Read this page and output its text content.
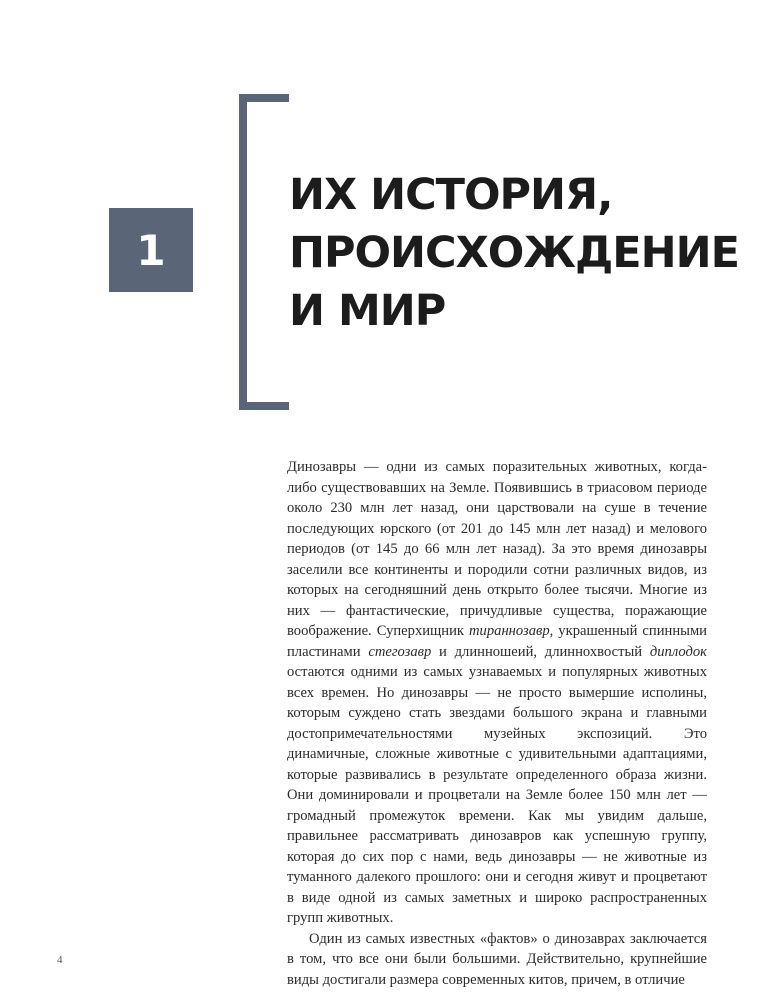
1
ИХ ИСТОРИЯ,
ПРОИСХОЖДЕНИЕ
И МИР

Динозавры — одни из самых поразительных животных, когда-либо существовавших на Земле. Появившись в триасовом периоде около 230 млн лет назад, они царствовали на суше в течение последующих юрского (от 201 до 145 млн лет назад) и мелового периодов (от 145 до 66 млн лет назад). За это время динозавры заселили все континенты и породили сотни различных видов, из которых на сегодняшний день открыто более тысячи. Многие из них — фантастические, причудливые существа, поражающие воображение. Суперхищник тираннозавр, украшенный спинными пластинами стегозавр и длинношеий, длиннохвостый диплодок остаются одними из самых узнаваемых и популярных животных всех времен. Но динозавры — не просто вымершие исполины, которым суждено стать звездами большого экрана и главными достопримечательностями музейных экспозиций. Это динамичные, сложные животные с удивительными адаптациями, которые развивались в результате определенного образа жизни. Они доминировали и процветали на Земле более 150 млн лет — громадный промежуток времени. Как мы увидим дальше, правильнее рассматривать динозавров как успешную группу, которая до сих пор с нами, ведь динозавры — не животные из туманного далекого прошлого: они и сегодня живут и процветают в виде одной из самых заметных и широко распространенных групп животных.

Один из самых известных «фактов» о динозаврах заключается в том, что все они были большими. Действительно, крупнейшие виды достигали размера современных китов, причем, в отличие

4
